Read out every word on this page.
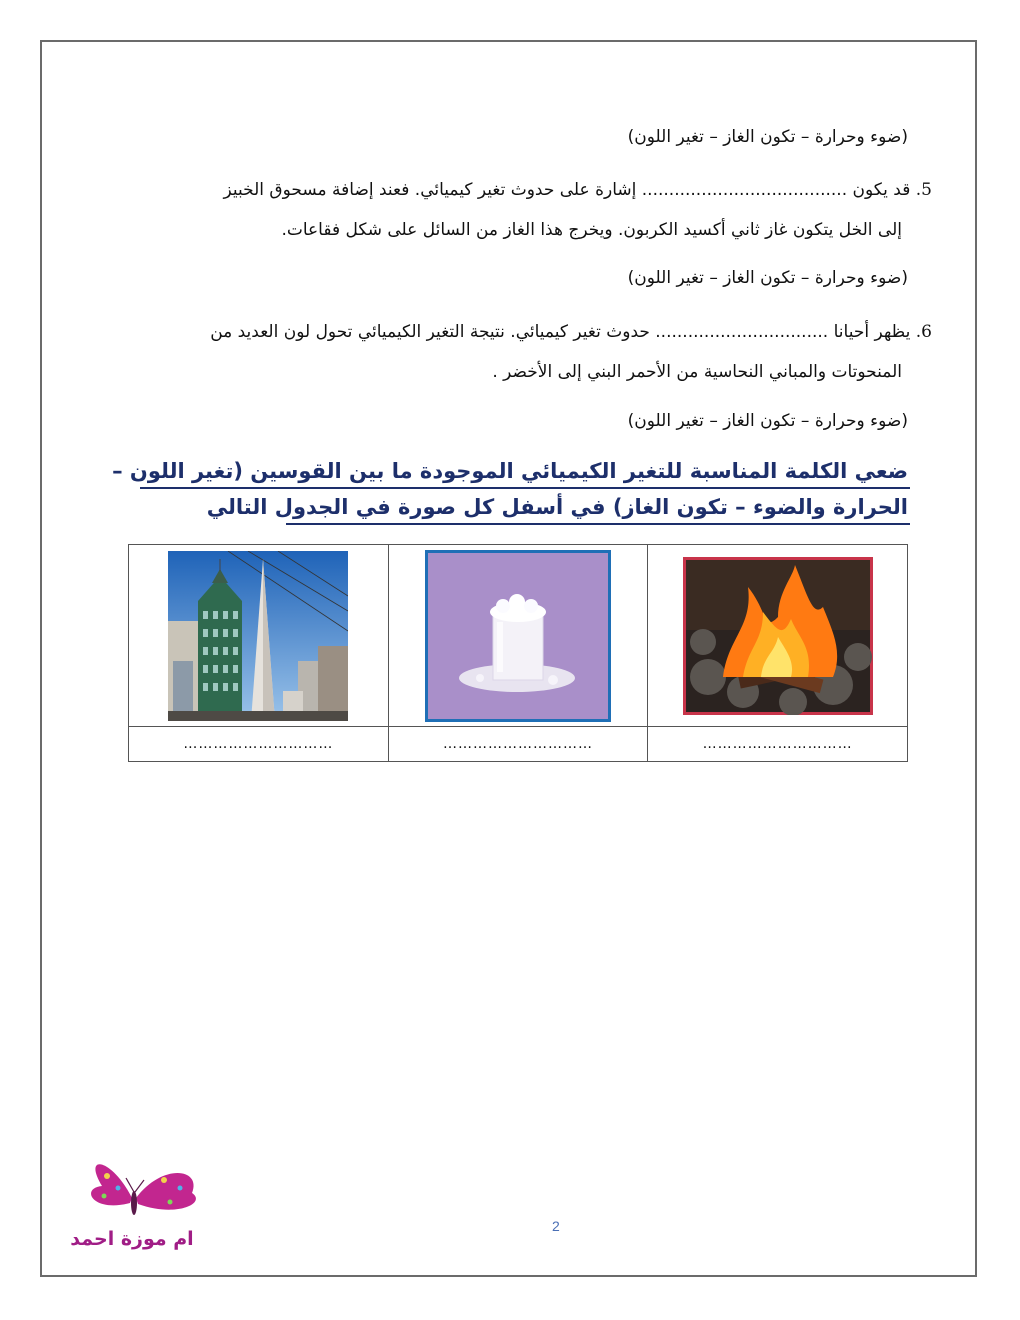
(ضوء وحرارة – تكون الغاز – تغير اللون)
5. قد يكون ...................................... إشارة على حدوث تغير كيميائي. فعند إضافة مسحوق الخبيز
إلى الخل يتكون غاز ثاني أكسيد الكربون. ويخرج هذا الغاز من السائل على شكل فقاعات.
(ضوء وحرارة – تكون الغاز – تغير اللون)
6. يظهر أحيانا ................................ حدوث تغير كيميائي. نتيجة التغير الكيميائي تحول لون العديد من
المنحوتات والمباني النحاسية من الأحمر البني إلى الأخضر .
(ضوء وحرارة – تكون الغاز – تغير اللون)
ضعي الكلمة المناسبة للتغير الكيميائي الموجودة ما بين القوسين (تغير اللون –
الحرارة والضوء – تكون الغاز) في أسفل كل صورة في الجدول التالي

…………………………	…………………………	…………………………
ام موزة احمد
2
